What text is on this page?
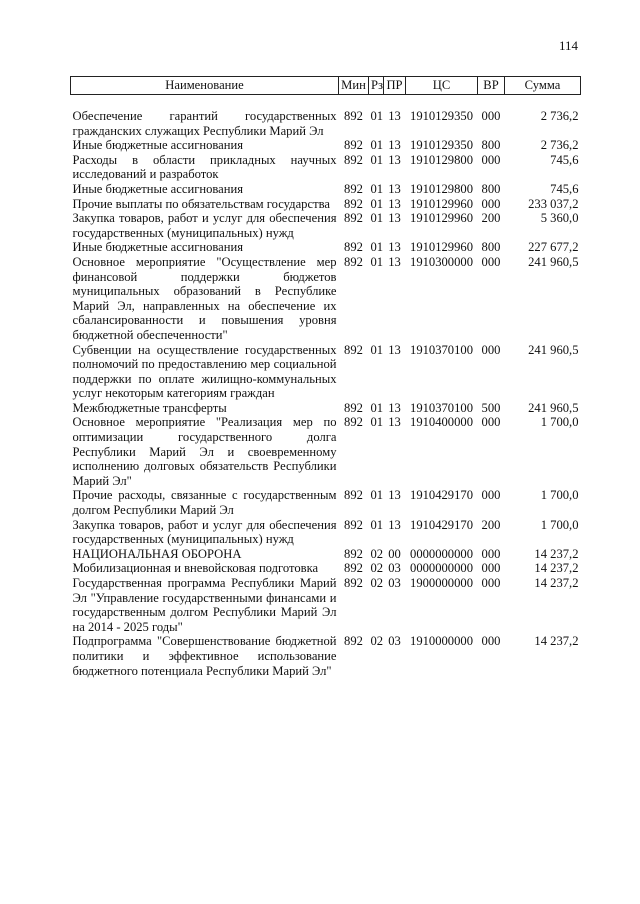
114
Наименование	Мин	Рз	ПР	ЦС	ВР	Сумма

Обеспечение гарантий государственных гражданских служащих Республики Марий Эл	892	01	13	1910129350	000	2 736,2
Иные бюджетные ассигнования	892	01	13	1910129350	800	2 736,2
Расходы в области прикладных научных исследований и разработок	892	01	13	1910129800	000	745,6
Иные бюджетные ассигнования	892	01	13	1910129800	800	745,6
Прочие выплаты по обязательствам государства	892	01	13	1910129960	000	233 037,2
Закупка товаров, работ и услуг для обеспечения государственных (муниципальных) нужд	892	01	13	1910129960	200	5 360,0
Иные бюджетные ассигнования	892	01	13	1910129960	800	227 677,2
Основное мероприятие "Осуществление мер финансовой поддержки бюджетов муниципальных образований в Республике Марий Эл, направленных на обеспечение их сбалансированности и повышения уровня бюджетной обеспеченности"	892	01	13	1910300000	000	241 960,5
Субвенции на осуществление государственных полномочий по предоставлению мер социальной поддержки по оплате жилищно-коммунальных услуг некоторым категориям граждан	892	01	13	1910370100	000	241 960,5
Межбюджетные трансферты	892	01	13	1910370100	500	241 960,5
Основное мероприятие "Реализация мер по оптимизации государственного долга Республики Марий Эл и своевременному исполнению долговых обязательств Республики Марий Эл"	892	01	13	1910400000	000	1 700,0
Прочие расходы, связанные с государственным долгом Республики Марий Эл	892	01	13	1910429170	000	1 700,0
Закупка товаров, работ и услуг для обеспечения государственных (муниципальных) нужд	892	01	13	1910429170	200	1 700,0
НАЦИОНАЛЬНАЯ ОБОРОНА	892	02	00	0000000000	000	14 237,2
Мобилизационная и вневойсковая подготовка	892	02	03	0000000000	000	14 237,2
Государственная программа Республики Марий Эл "Управление государственными финансами и государственным долгом Республики Марий Эл на 2014 - 2025 годы"	892	02	03	1900000000	000	14 237,2
Подпрограмма "Совершенствование бюджетной политики и эффективное использование бюджетного потенциала Республики Марий Эл"	892	02	03	1910000000	000	14 237,2
